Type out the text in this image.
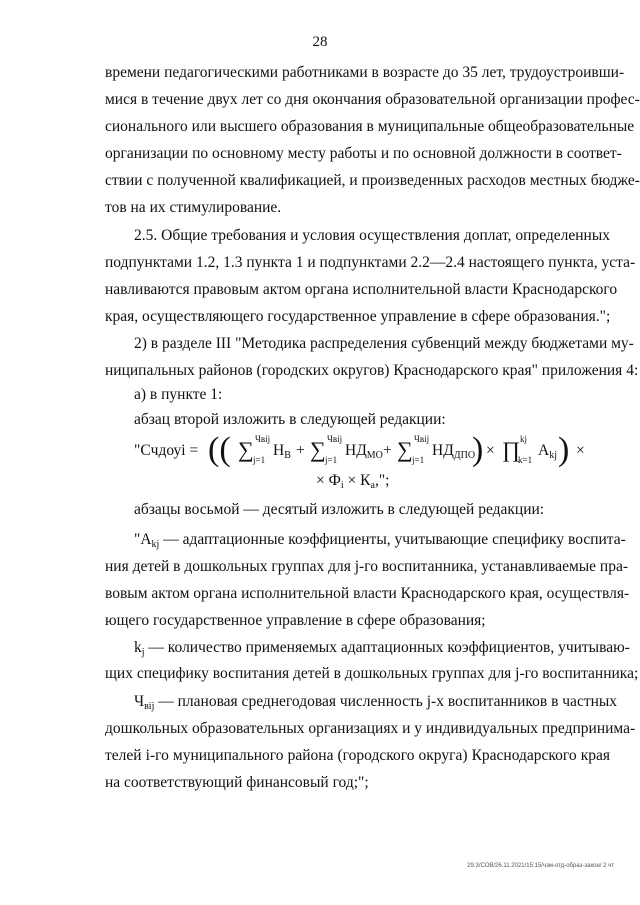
28
времени педагогическими работниками в возрасте до 35 лет, трудоустроивши-
мися в течение двух лет со дня окончания образовательной организации профес-
сионального или высшего образования в муниципальные общеобразовательные
организации по основному месту работы и по основной должности в соответ-
ствии с полученной квалификацией, и произведенных расходов местных бюдже-
тов на их стимулирование.
2.5. Общие требования и условия осуществления доплат, определенных
подпунктами 1.2, 1.3 пункта 1 и подпунктами 2.2—2.4 настоящего пункта, уста-
навливаются правовым актом органа исполнительной власти Краснодарского
края, осуществляющего государственное управление в сфере образования.";
2) в разделе III "Методика распределения субвенций между бюджетами му-
ниципальных районов (городских округов) Краснодарского края" приложения 4:
а) в пункте 1:
абзац второй изложить в следующей редакции:
"Cчдоуi = (( ∑ Чвij
j=1
$H_В$ + ∑ Чвij
j=1
$НД_{МО}$ + ∑ Чвij
j=1
$НД_{ДПО}$
) × ∏ kj
k=1
$A_{kj}$ ) ×
× $Ф_i \times К_а$,";
абзацы восьмой — десятый изложить в следующей редакции:
"$А_{kj}$ — адаптационные коэффициенты, учитывающие специфику воспита-
ния детей в дошкольных группах для j-го воспитанника, устанавливаемые пра-
вовым актом органа исполнительной власти Краснодарского края, осуществля-
ющего государственное управление в сфере образования;
$k_j$ — количество применяемых адаптационных коэффициентов, учитываю-
щих специфику воспитания детей в дошкольных группах для j-го воспитанника;
$Ч_{вij}$ — плановая среднегодовая численность j-х воспитанников в частных
дошкольных образовательных организациях и у индивидуальных предпринима-
телей i-го муниципального района (городского округа) Краснодарского края
на соответствующий финансовый год;";
29.3/СОВ/26.11.2021/15:15/чзм-отд-образ-закон/ 2 чт
